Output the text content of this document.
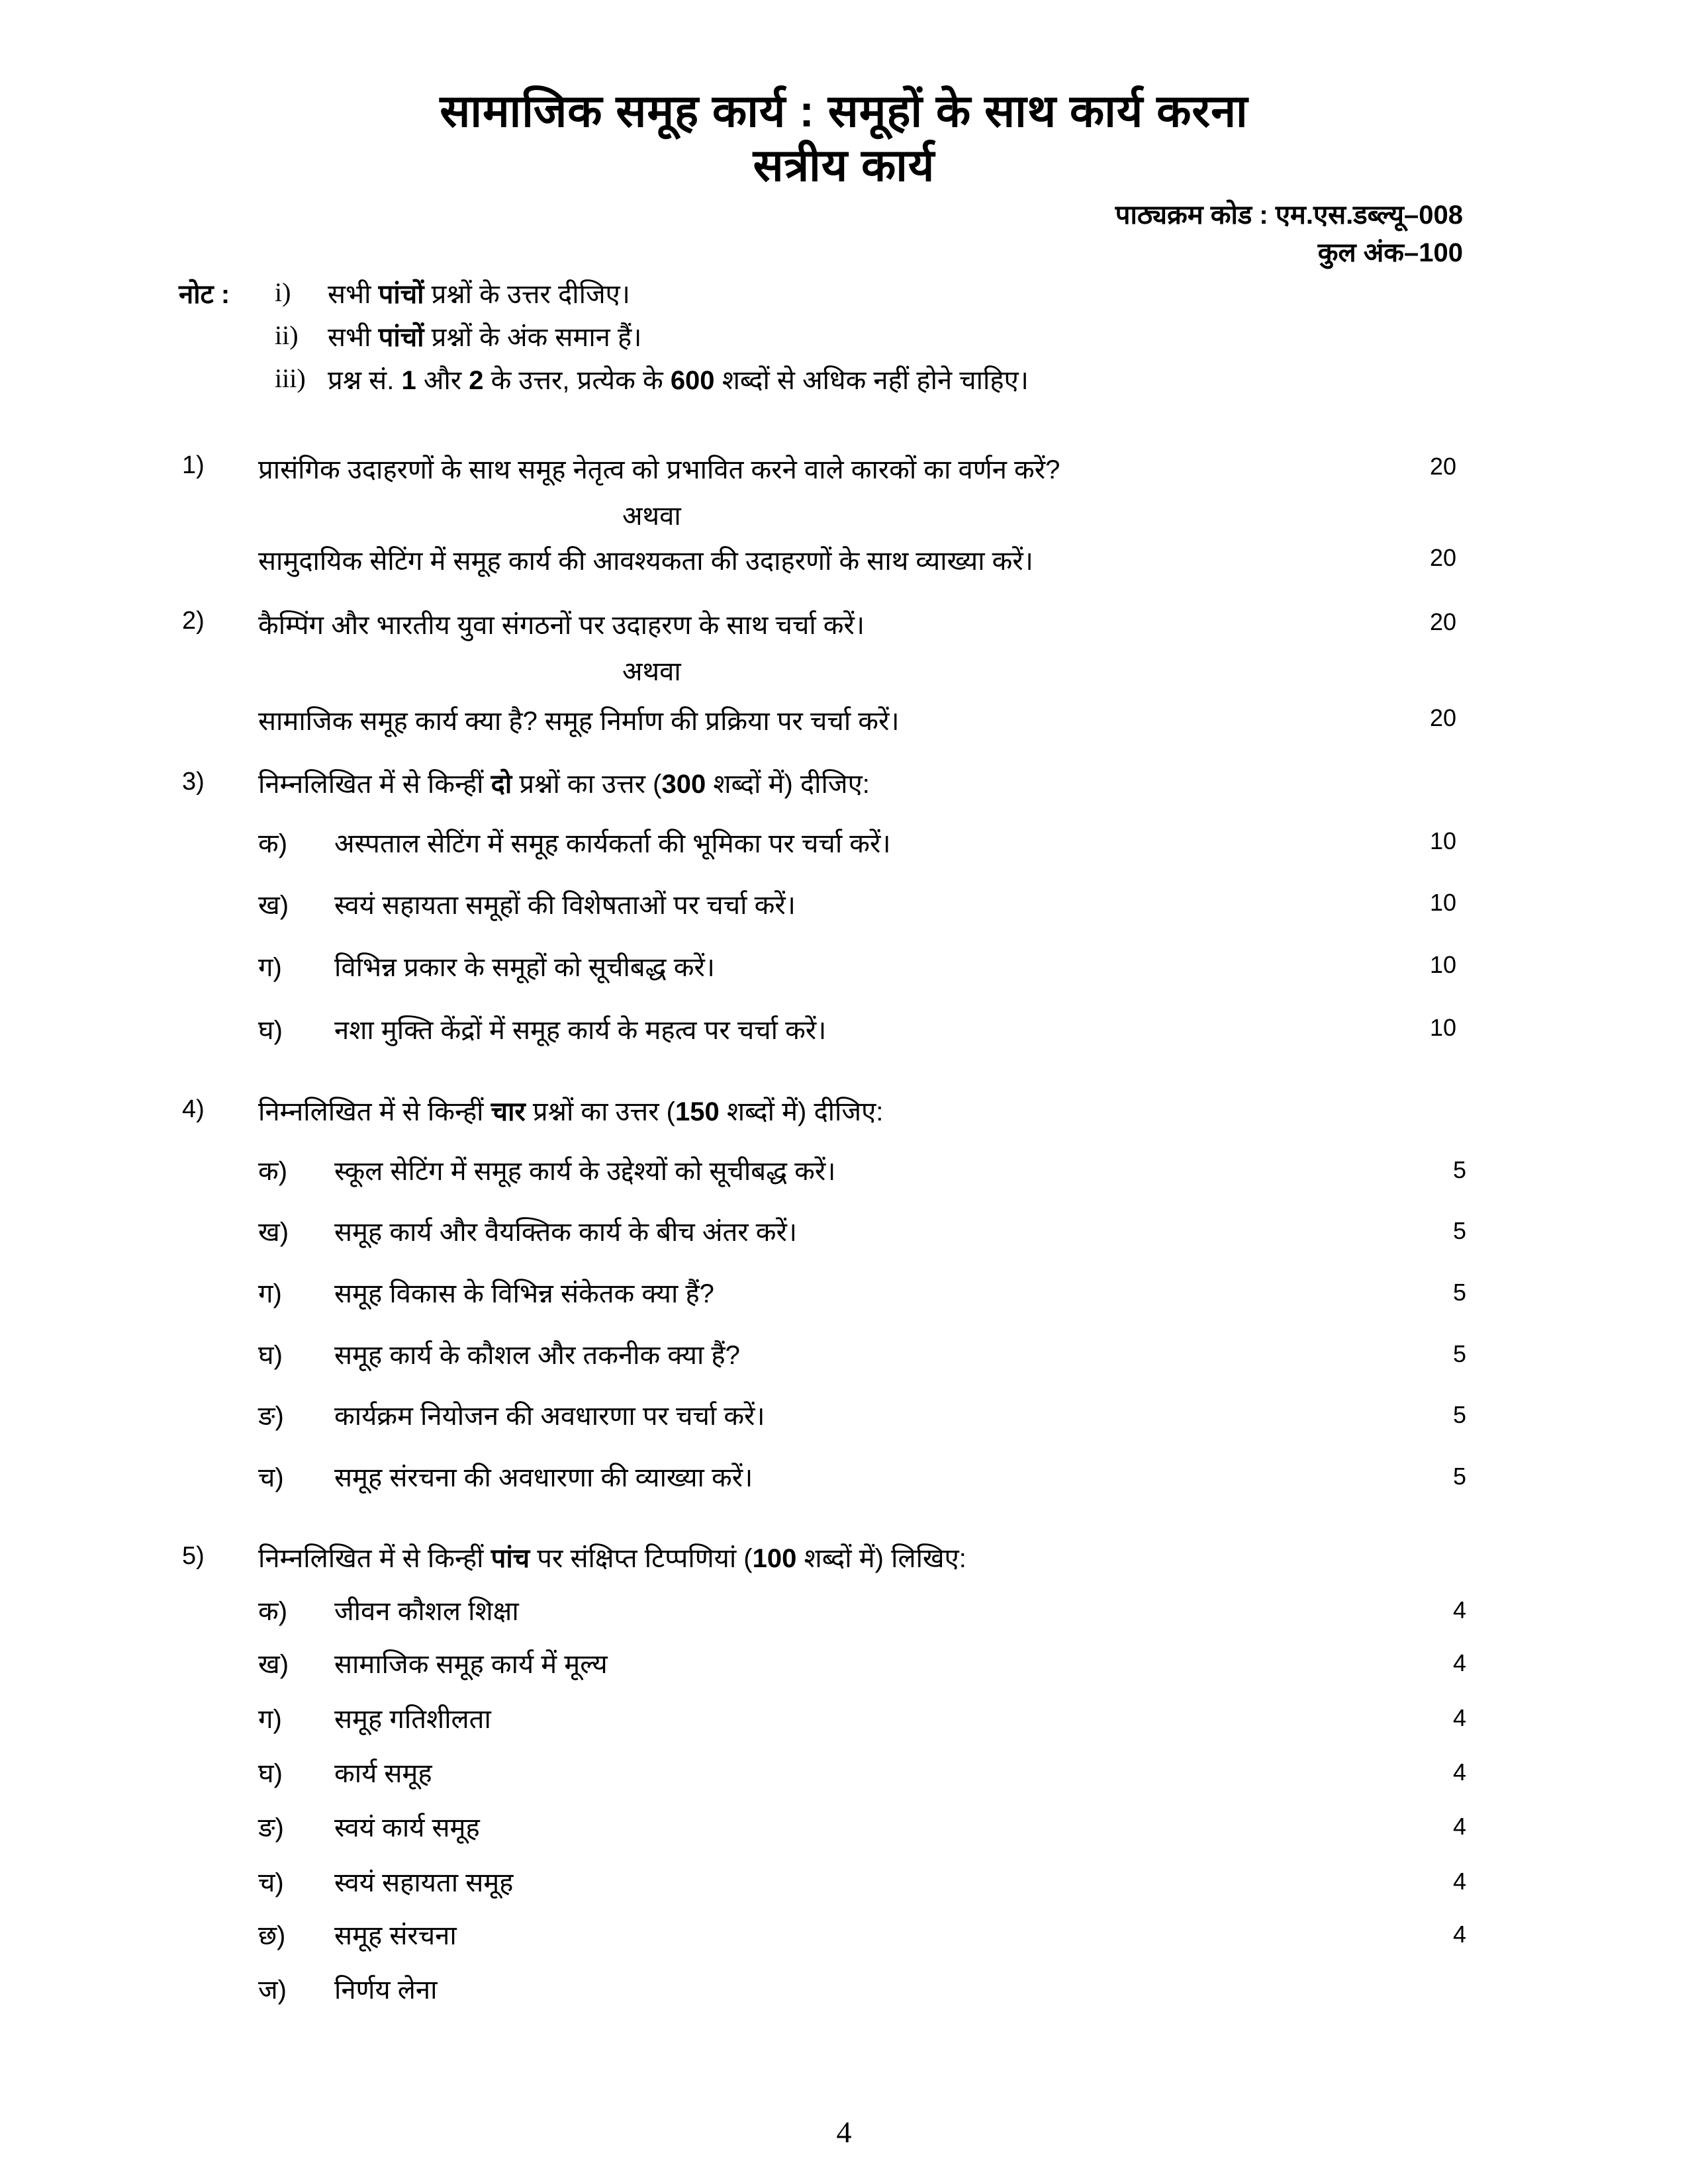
सामाजिक समूह कार्य : समूहों के साथ कार्य करना
सत्रीय कार्य
पाठ्यक्रम कोड : एम.एस.डब्ल्यू–008
कुल अंक–100
नोट : i) सभी पांचों प्रश्नों के उत्तर दीजिए।
ii) सभी पांचों प्रश्नों के अंक समान हैं।
iii) प्रश्न सं. 1 और 2 के उत्तर, प्रत्येक के 600 शब्दों से अधिक नहीं होने चाहिए।
1) प्रासंगिक उदाहरणों के साथ समूह नेतृत्व को प्रभावित करने वाले कारकों का वर्णन करें?	20
अथवा
सामुदायिक सेटिंग में समूह कार्य की आवश्यकता की उदाहरणों के साथ व्याख्या करें।	20
2) कैम्पिंग और भारतीय युवा संगठनों पर उदाहरण के साथ चर्चा करें।	20
अथवा
सामाजिक समूह कार्य क्या है? समूह निर्माण की प्रक्रिया पर चर्चा करें।	20
3) निम्नलिखित में से किन्हीं दो प्रश्नों का उत्तर (300 शब्दों में) दीजिए:
क) अस्पताल सेटिंग में समूह कार्यकर्ता की भूमिका पर चर्चा करें।	10
ख) स्वयं सहायता समूहों की विशेषताओं पर चर्चा करें।	10
ग) विभिन्न प्रकार के समूहों को सूचीबद्ध करें।	10
घ) नशा मुक्ति केंद्रों में समूह कार्य के महत्व पर चर्चा करें।	10
4) निम्नलिखित में से किन्हीं चार प्रश्नों का उत्तर (150 शब्दों में) दीजिए:
क) स्कूल सेटिंग में समूह कार्य के उद्देश्यों को सूचीबद्ध करें।	5
ख) समूह कार्य और वैयक्तिक कार्य के बीच अंतर करें।	5
ग) समूह विकास के विभिन्न संकेतक क्या हैं?	5
घ) समूह कार्य के कौशल और तकनीक क्या हैं?	5
ङ) कार्यक्रम नियोजन की अवधारणा पर चर्चा करें।	5
च) समूह संरचना की अवधारणा की व्याख्या करें।	5
5) निम्नलिखित में से किन्हीं पांच पर संक्षिप्त टिप्पणियां (100 शब्दों में) लिखिए:
क) जीवन कौशल शिक्षा	4
ख) सामाजिक समूह कार्य में मूल्य	4
ग) समूह गतिशीलता	4
घ) कार्य समूह	4
ङ) स्वयं कार्य समूह	4
च) स्वयं सहायता समूह	4
छ) समूह संरचना	4
ज) निर्णय लेना
4
